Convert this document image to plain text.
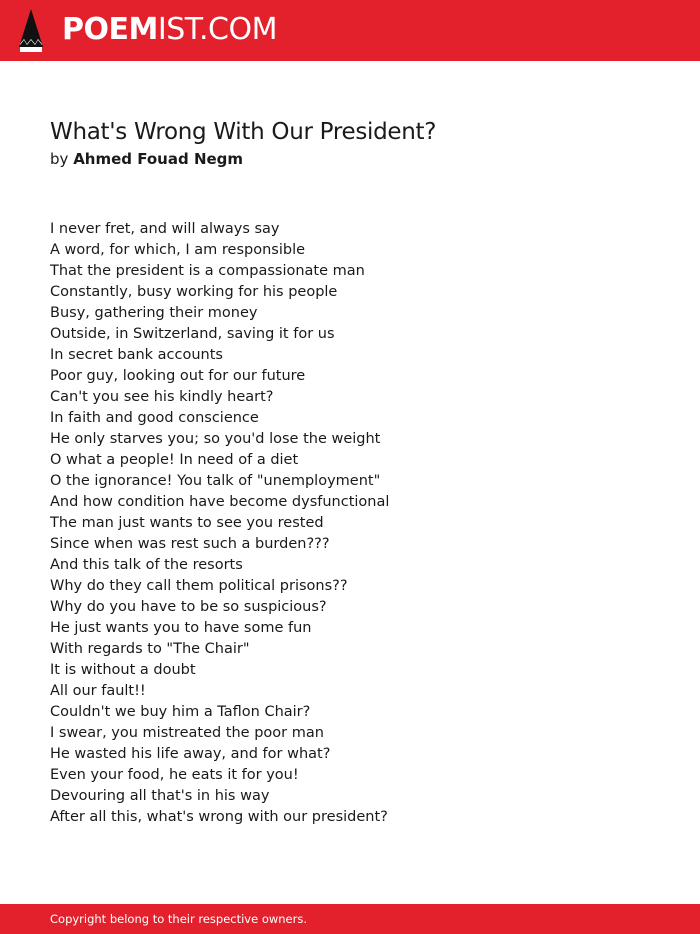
POEMIST.COM
What's Wrong With Our President?
by Ahmed Fouad Negm
I never fret, and will always say
A word, for which, I am responsible
That the president is a compassionate man
Constantly, busy working for his people
Busy, gathering their money
Outside, in Switzerland, saving it for us
In secret bank accounts
Poor guy, looking out for our future
Can't you see his kindly heart?
In faith and good conscience
He only starves you; so you'd lose the weight
O what a people! In need of a diet
O the ignorance! You talk of "unemployment"
And how condition have become dysfunctional
The man just wants to see you rested
Since when was rest such a burden???
And this talk of the resorts
Why do they call them political prisons??
Why do you have to be so suspicious?
He just wants you to have some fun
With regards to "The Chair"
It is without a doubt
All our fault!!
Couldn't we buy him a Taflon Chair?
I swear, you mistreated the poor man
He wasted his life away, and for what?
Even your food, he eats it for you!
Devouring all that's in his way
After all this, what's wrong with our president?
Copyright belong to their respective owners.
